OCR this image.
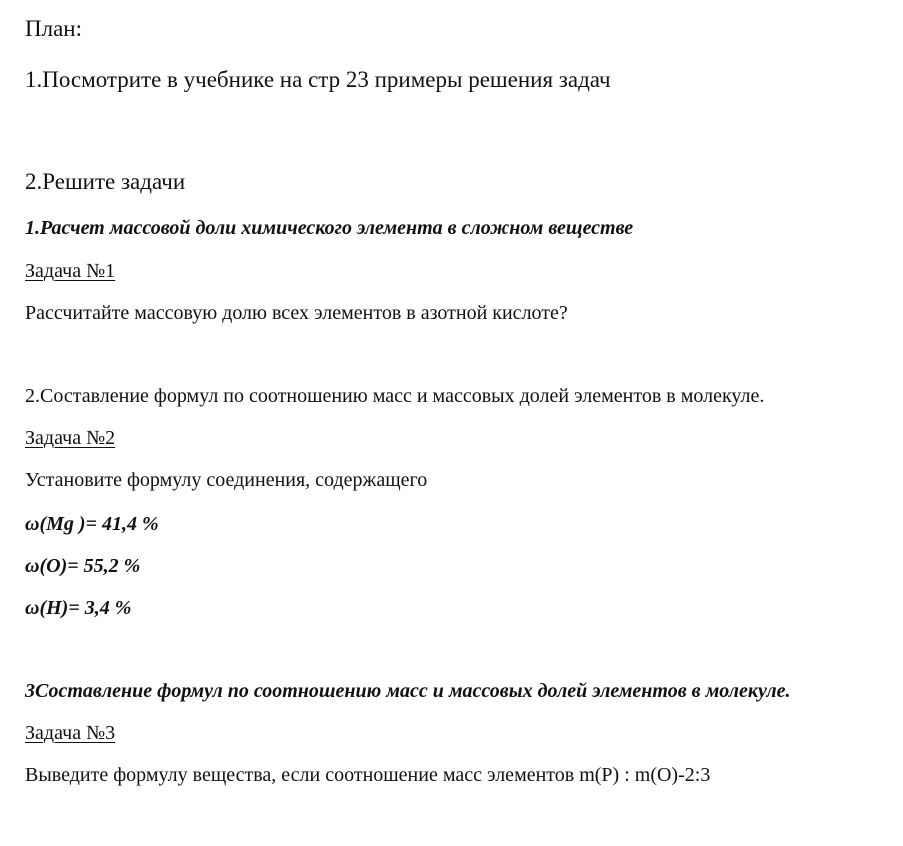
План:
1.Посмотрите в учебнике на стр 23 примеры решения задач
2.Решите задачи
1.Расчет массовой доли химического элемента в сложном веществе
Задача №1
Рассчитайте массовую долю всех элементов в азотной кислоте?
2.Составление формул по соотношению масс и массовых долей элементов в молекуле.
Задача №2
Установите формулу соединения, содержащего
ω(Mg )= 41,4 %
ω(O)= 55,2 %
ω(H)= 3,4 %
3Составление формул по соотношению масс и массовых долей элементов в молекуле.
Задача №3
Выведите формулу вещества, если соотношение масс элементов m(P) : m(O)-2:3
